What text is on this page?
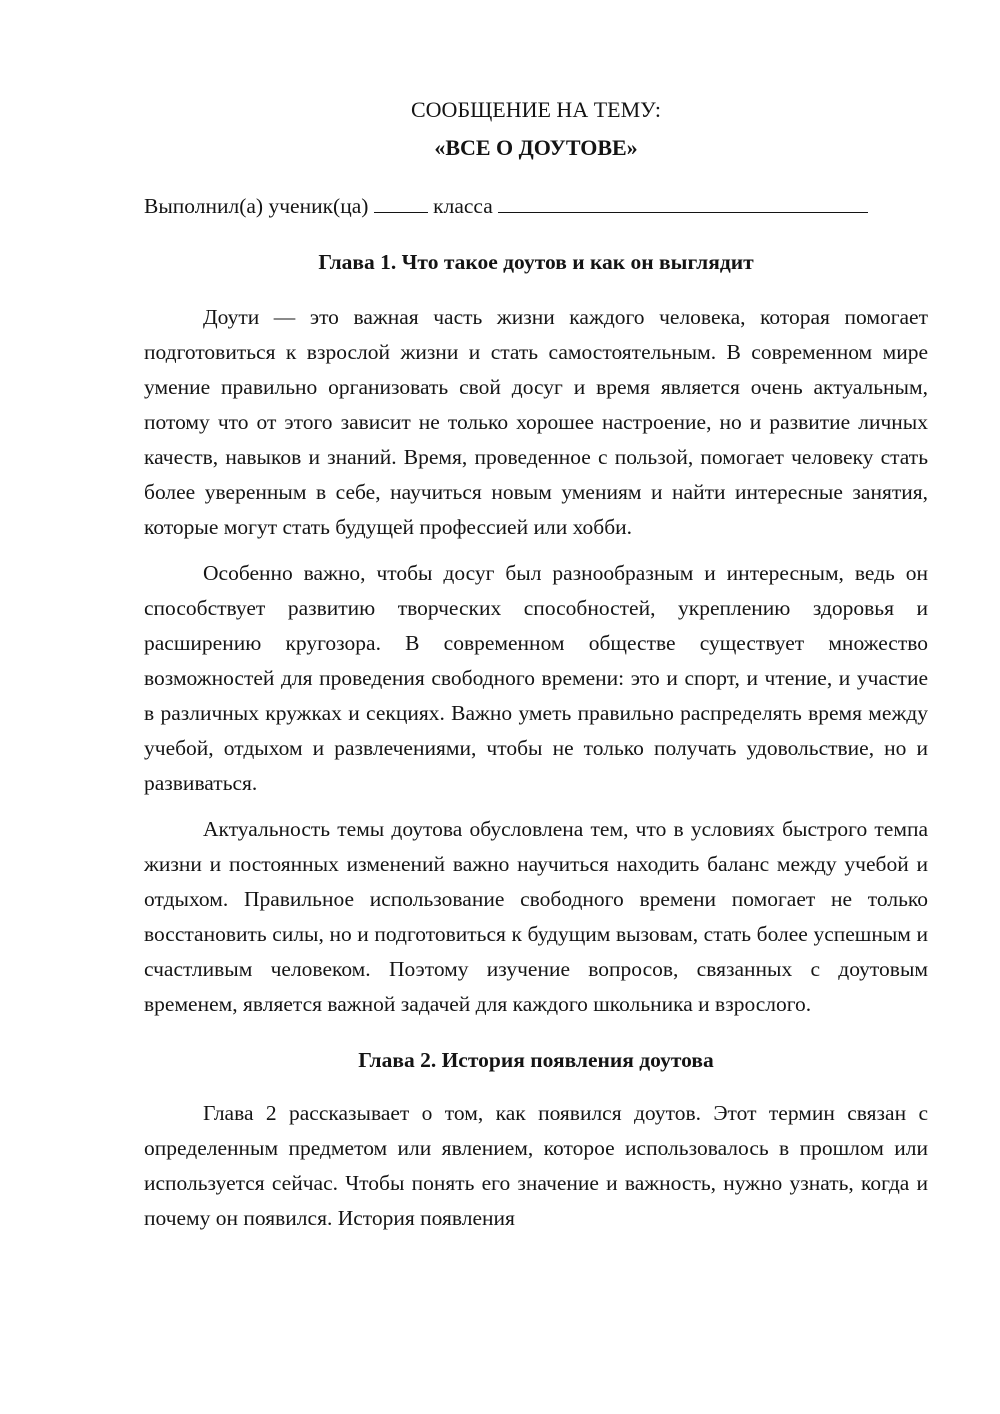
СООБЩЕНИЕ НА ТЕМУ:

«ВСЕ О ДОУТОВЕ»

Выполнил(а) ученик(ца)	класса

Глава 1. Что такое доутов и как он выглядит

Доути — это важная часть жизни каждого человека, которая помогает подготовиться к взрослой жизни и стать самостоятельным. В современном мире умение правильно организовать свой досуг и время является очень актуальным, потому что от этого зависит не только хорошее настроение, но и развитие личных качеств, навыков и знаний. Время, проведенное с пользой, помогает человеку стать более уверенным в себе, научиться новым умениям и найти интересные занятия, которые могут стать будущей профессией или хобби.

Особенно важно, чтобы досуг был разнообразным и интересным, ведь он способствует развитию творческих способностей, укреплению здоровья и расширению кругозора. В современном обществе существует множество возможностей для проведения свободного времени: это и спорт, и чтение, и участие в различных кружках и секциях. Важно уметь правильно распределять время между учебой, отдыхом и развлечениями, чтобы не только получать удовольствие, но и развиваться.

Актуальность темы доутова обусловлена тем, что в условиях быстрого темпа жизни и постоянных изменений важно научиться находить баланс между учебой и отдыхом. Правильное использование свободного времени помогает не только восстановить силы, но и подготовиться к будущим вызовам, стать более успешным и счастливым человеком. Поэтому изучение вопросов, связанных с доутовым временем, является важной задачей для каждого школьника и взрослого.

Глава 2. История появления доутова

Глава 2 рассказывает о том, как появился доутов. Этот термин связан с определенным предметом или явлением, которое использовалось в прошлом или используется сейчас. Чтобы понять его значение и важность, нужно узнать, когда и почему он появился. История появления
